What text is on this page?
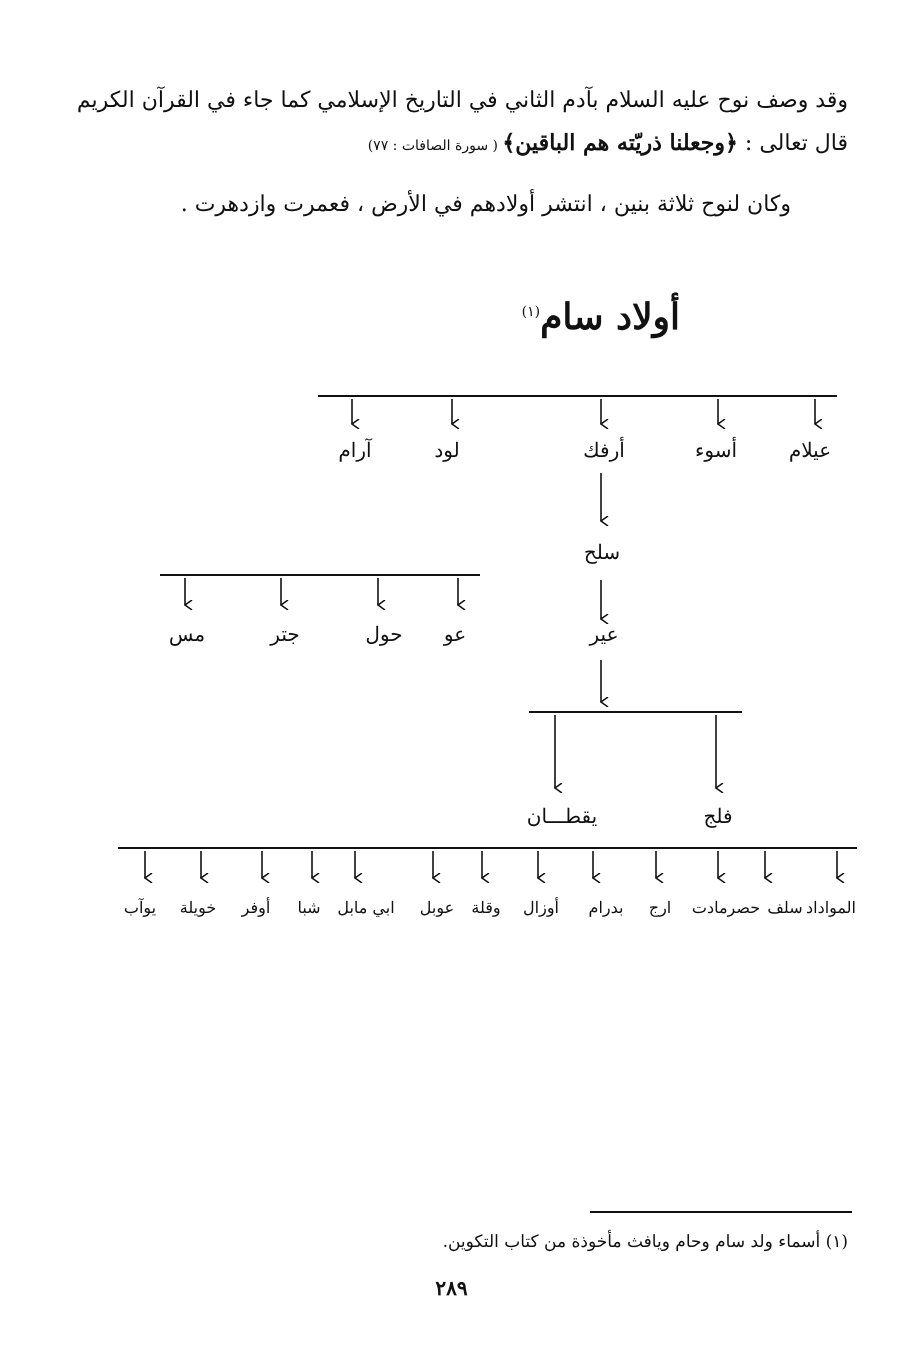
وقد وصف نوح عليه السلام بآدم الثاني في التاريخ الإسلامي كما جاء في القرآن الكريم
قال تعالى : ﴿وجعلنا ذريّته هم الباقين﴾ ( سورة الصافات : ٧٧)
وكان لنوح ثلاثة بنين ، انتشر أولادهم في الأرض ، فعمرت وازدهرت .
أولاد سام$^{(١)}$
عيلام
أسوء
أرفك
لود
آرام
سلح
عير
عو
حول
جتر
مس
فلج
يقطـــان
المواداد
سلف
حصرمادت
ارج
بدرام
أوزال
وقلة
عوبل
ابي مابل
شبا
أوفر
خويلة
يوآب
(١) أسماء ولد سام وحام ويافث مأخوذة من كتاب التكوين.
٢٨٩
